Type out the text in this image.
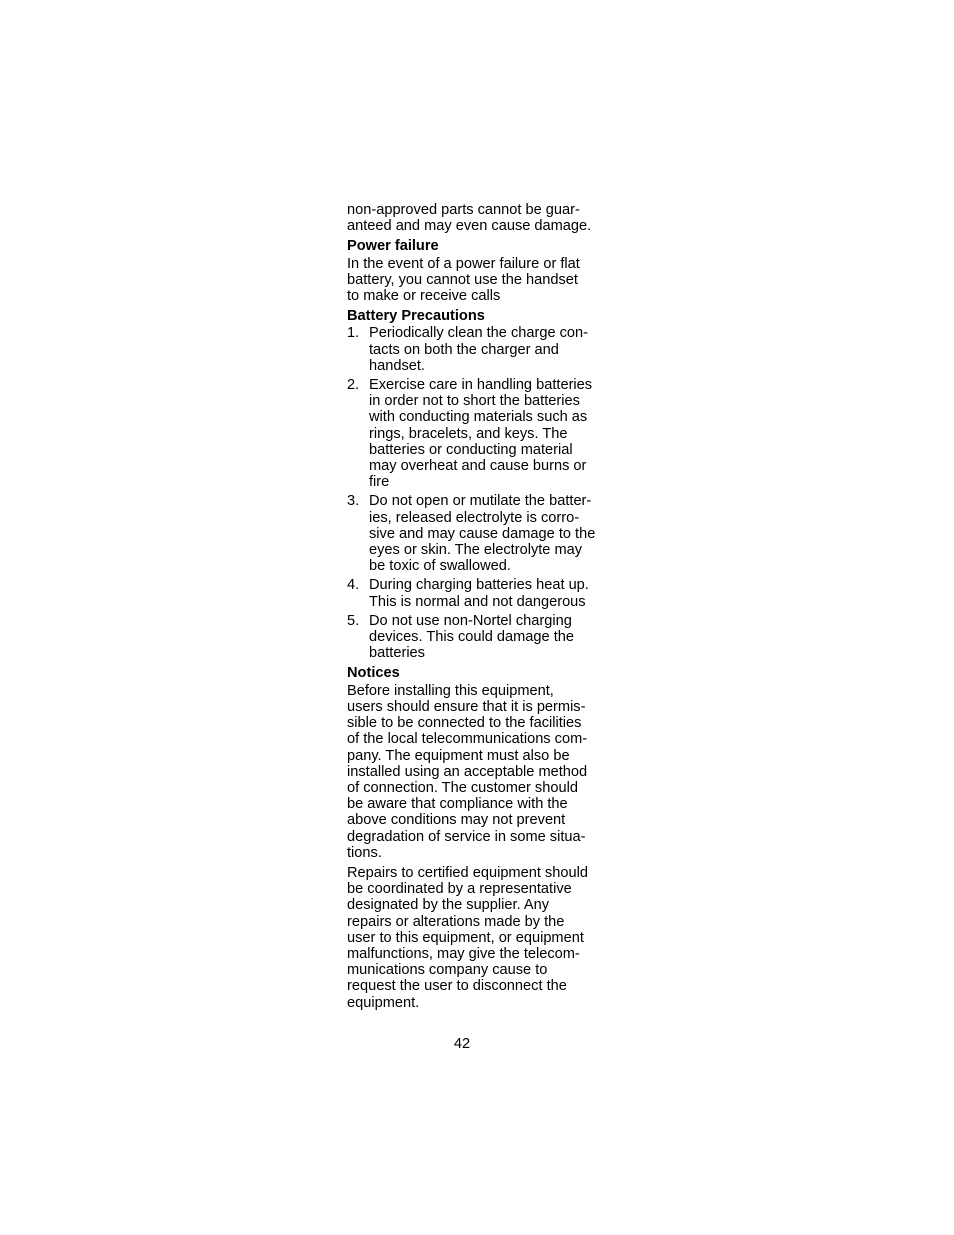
non-approved parts cannot be guar-
anteed and may even cause damage.

Power failure

In the event of a power failure or flat
battery, you cannot use the handset
to make or receive calls

Battery Precautions
1. Periodically clean the charge con-
tacts on both the charger and
handset.
2. Exercise care in handling batteries
in order not to short the batteries
with conducting materials such as
rings, bracelets, and keys. The
batteries or conducting material
may overheat and cause burns or
fire
3. Do not open or mutilate the batter-
ies, released electrolyte is corro-
sive and may cause damage to the
eyes or skin. The electrolyte may
be toxic of swallowed.
4. During charging batteries heat up.
This is normal and not dangerous
5. Do not use non-Nortel charging
devices. This could damage the
batteries
Notices

Before installing this equipment,
users should ensure that it is permis-
sible to be connected to the facilities
of the local telecommunications com-
pany. The equipment must also be
installed using an acceptable method
of connection. The customer should
be aware that compliance with the
above conditions may not prevent
degradation of service in some situa-
tions.

Repairs to certified equipment should
be coordinated by a representative
designated by the supplier. Any
repairs or alterations made by the
user to this equipment, or equipment
malfunctions, may give the telecom-
munications company cause to
request the user to disconnect the
equipment.

42
